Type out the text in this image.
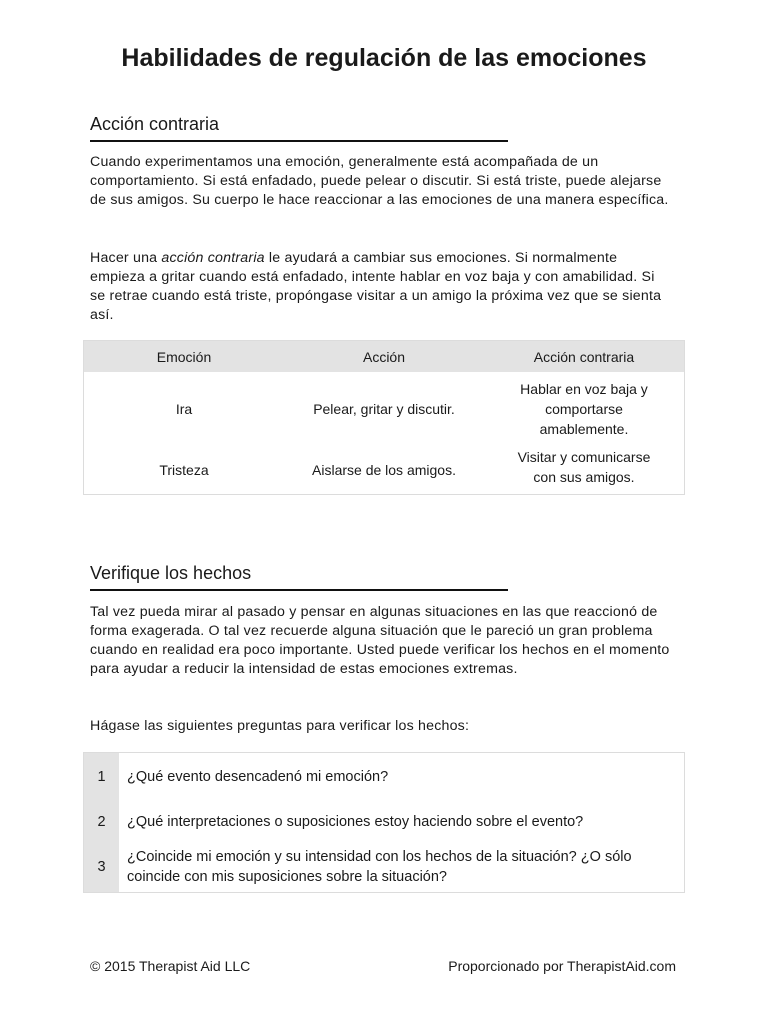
Habilidades de regulación de las emociones
Acción contraria

Cuando experimentamos una emoción, generalmente está acompañada de un comportamiento. Si está enfadado, puede pelear o discutir. Si está triste, puede alejarse de sus amigos. Su cuerpo le hace reaccionar a las emociones de una manera específica.

Hacer una acción contraria le ayudará a cambiar sus emociones. Si normalmente empieza a gritar cuando está enfadado, intente hablar en voz baja y con amabilidad. Si se retrae cuando está triste, propóngase visitar a un amigo la próxima vez que se sienta así.

Emoción	Acción	Acción contraria
Ira	Pelear, gritar y discutir.	Hablar en voz baja y comportarse amablemente.
Tristeza	Aislarse de los amigos.	Visitar y comunicarse con sus amigos.
Verifique los hechos

Tal vez pueda mirar al pasado y pensar en algunas situaciones en las que reaccionó de forma exagerada. O tal vez recuerde alguna situación que le pareció un gran problema cuando en realidad era poco importante. Usted puede verificar los hechos en el momento para ayudar a reducir la intensidad de estas emociones extremas.

Hágase las siguientes preguntas para verificar los hechos:

1	¿Qué evento desencadenó mi emoción?
2	¿Qué interpretaciones o suposiciones estoy haciendo sobre el evento?
3	¿Coincide mi emoción y su intensidad con los hechos de la situación? ¿O sólo coincide con mis suposiciones sobre la situación?
© 2015 Therapist Aid LLC	Proporcionado por TherapistAid.com
